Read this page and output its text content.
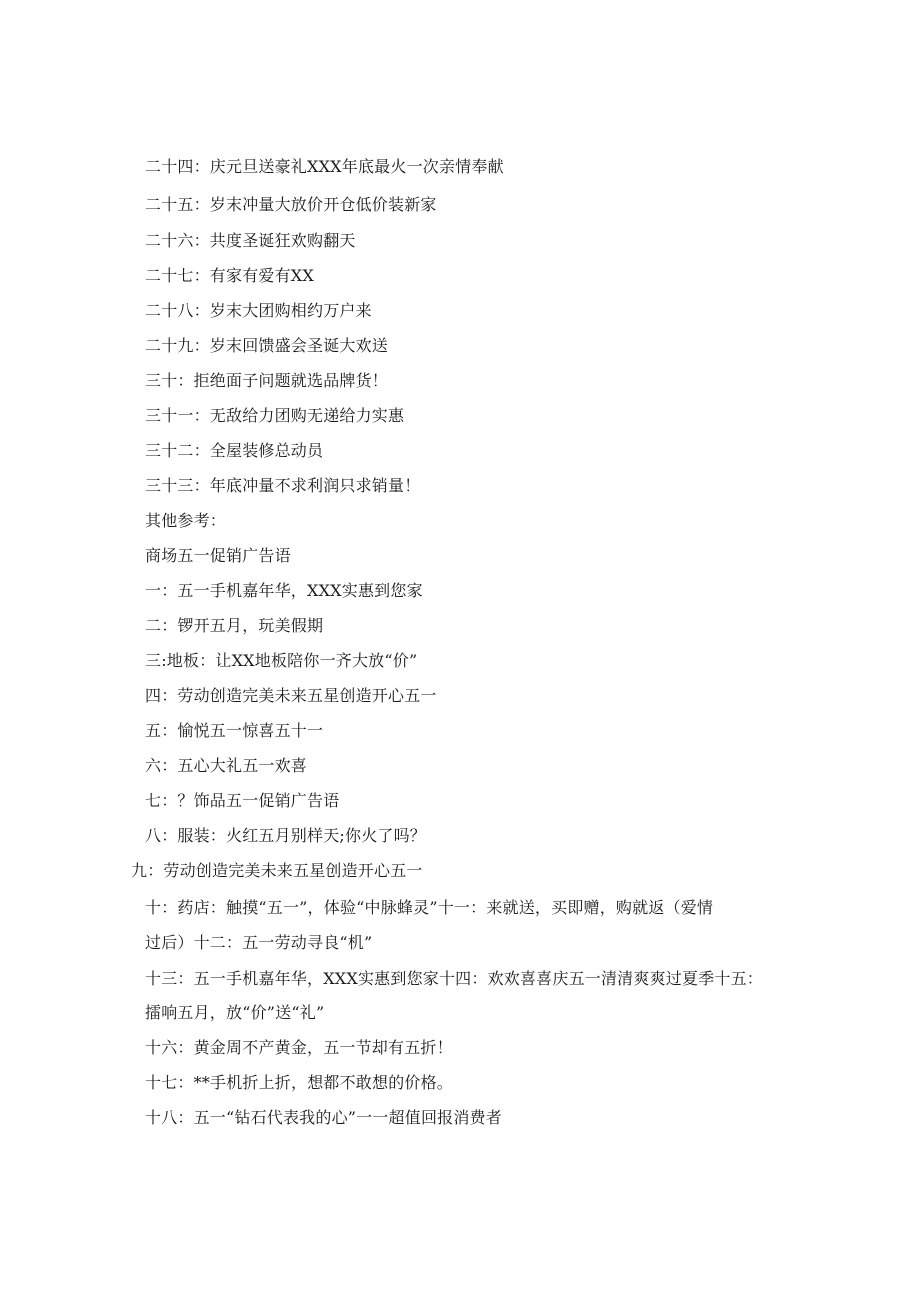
二十四：庆元旦送豪礼XXX年底最火一次亲情奉献
二十五：岁末冲量大放价开仓低价装新家
二十六：共度圣诞狂欢购翻天
二十七：有家有爱有XX
二十八：岁末大团购相约万户来
二十九：岁末回馈盛会圣诞大欢送
三十：拒绝面子问题就选品牌货！
三十一：无敌给力团购无递给力实惠
三十二：全屋装修总动员
三十三：年底冲量不求利润只求销量！
其他参考：
商场五一促销广告语
一：五一手机嘉年华，XXX实惠到您家
二：锣开五月，玩美假期
三:地板：让XX地板陪你一齐大放“价”
四：劳动创造完美未来五星创造开心五一
五：愉悦五一惊喜五十一
六：五心大礼五一欢喜
七：？饰品五一促销广告语
八：服装：火红五月别样天;你火了吗？
九：劳动创造完美未来五星创造开心五一
十：药店：触摸“五一”，体验“中脉蜂灵”十一：来就送，买即赠，购就返（爱情
过后）十二：五一劳动寻良“机”
十三：五一手机嘉年华，XXX实惠到您家十四：欢欢喜喜庆五一清清爽爽过夏季十五：
擂响五月，放“价”送“礼”
十六：黄金周不产黄金，五一节却有五折！
十七：**手机折上折，想都不敢想的价格。
十八：五一“钻石代表我的心”一一超值回报消费者
